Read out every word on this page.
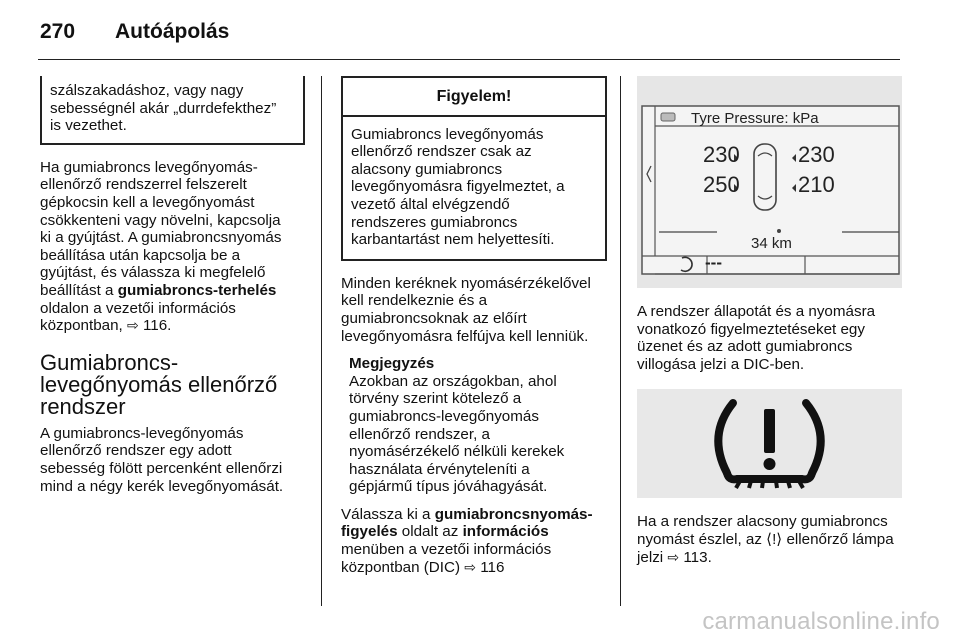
270 Autóápolás

szálszakadáshoz, vagy nagy

sebességnél akár „durrdefekthez”

is vezethet.

Ha gumiabroncs levegőnyomás-

ellenőrző rendszerrel felszerelt

gépkocsin kell a levegőnyomást

csökkenteni vagy növelni, kapcsolja

ki a gyújtást. A gumiabroncsnyomás

beállítása után kapcsolja be a

gyújtást, és válassza ki megfelelő

beállítást a gumiabroncs-terhelés

oldalon a vezetői információs

központban, ⇨ 116.

Gumiabroncs-
levegőnyomás ellenőrző
rendszer

A gumiabroncs-levegőnyomás

ellenőrző rendszer egy adott

sebesség fölött percenként ellenőrzi

mind a négy kerék levegőnyomását.

Figyelem!

Gumiabroncs levegőnyomás

ellenőrző rendszer csak az

alacsony gumiabroncs

levegőnyomásra figyelmeztet, a

vezető által elvégzendő

rendszeres gumiabroncs

karbantartást nem helyettesíti.

Minden keréknek nyomásérzékelővel

kell rendelkeznie és a

gumiabroncsoknak az előírt

levegőnyomásra felfújva kell lenniük.

Megjegyzés

Azokban az országokban, ahol

törvény szerint kötelező a

gumiabroncs-levegőnyomás

ellenőrző rendszer, a

nyomásérzékelő nélküli kerekek

használata érvényteleníti a

gépjármű típus jóváhagyását.

Válassza ki a gumiabroncsnyomás-

figyelés oldalt az információs

menüben a vezetői információs

központban (DIC) ⇨ 116

Tyre Pressure: kPa
230	230
250	210
34 km
---

A rendszer állapotát és a nyomásra

vonatkozó figyelmeztetéseket egy

üzenet és az adott gumiabroncs

villogása jelzi a DIC-ben.

Ha a rendszer alacsony gumiabroncs

nyomást észlel, az ⟨!⟩ ellenőrző lámpa

jelzi ⇨ 113.

carmanualsonline.info
